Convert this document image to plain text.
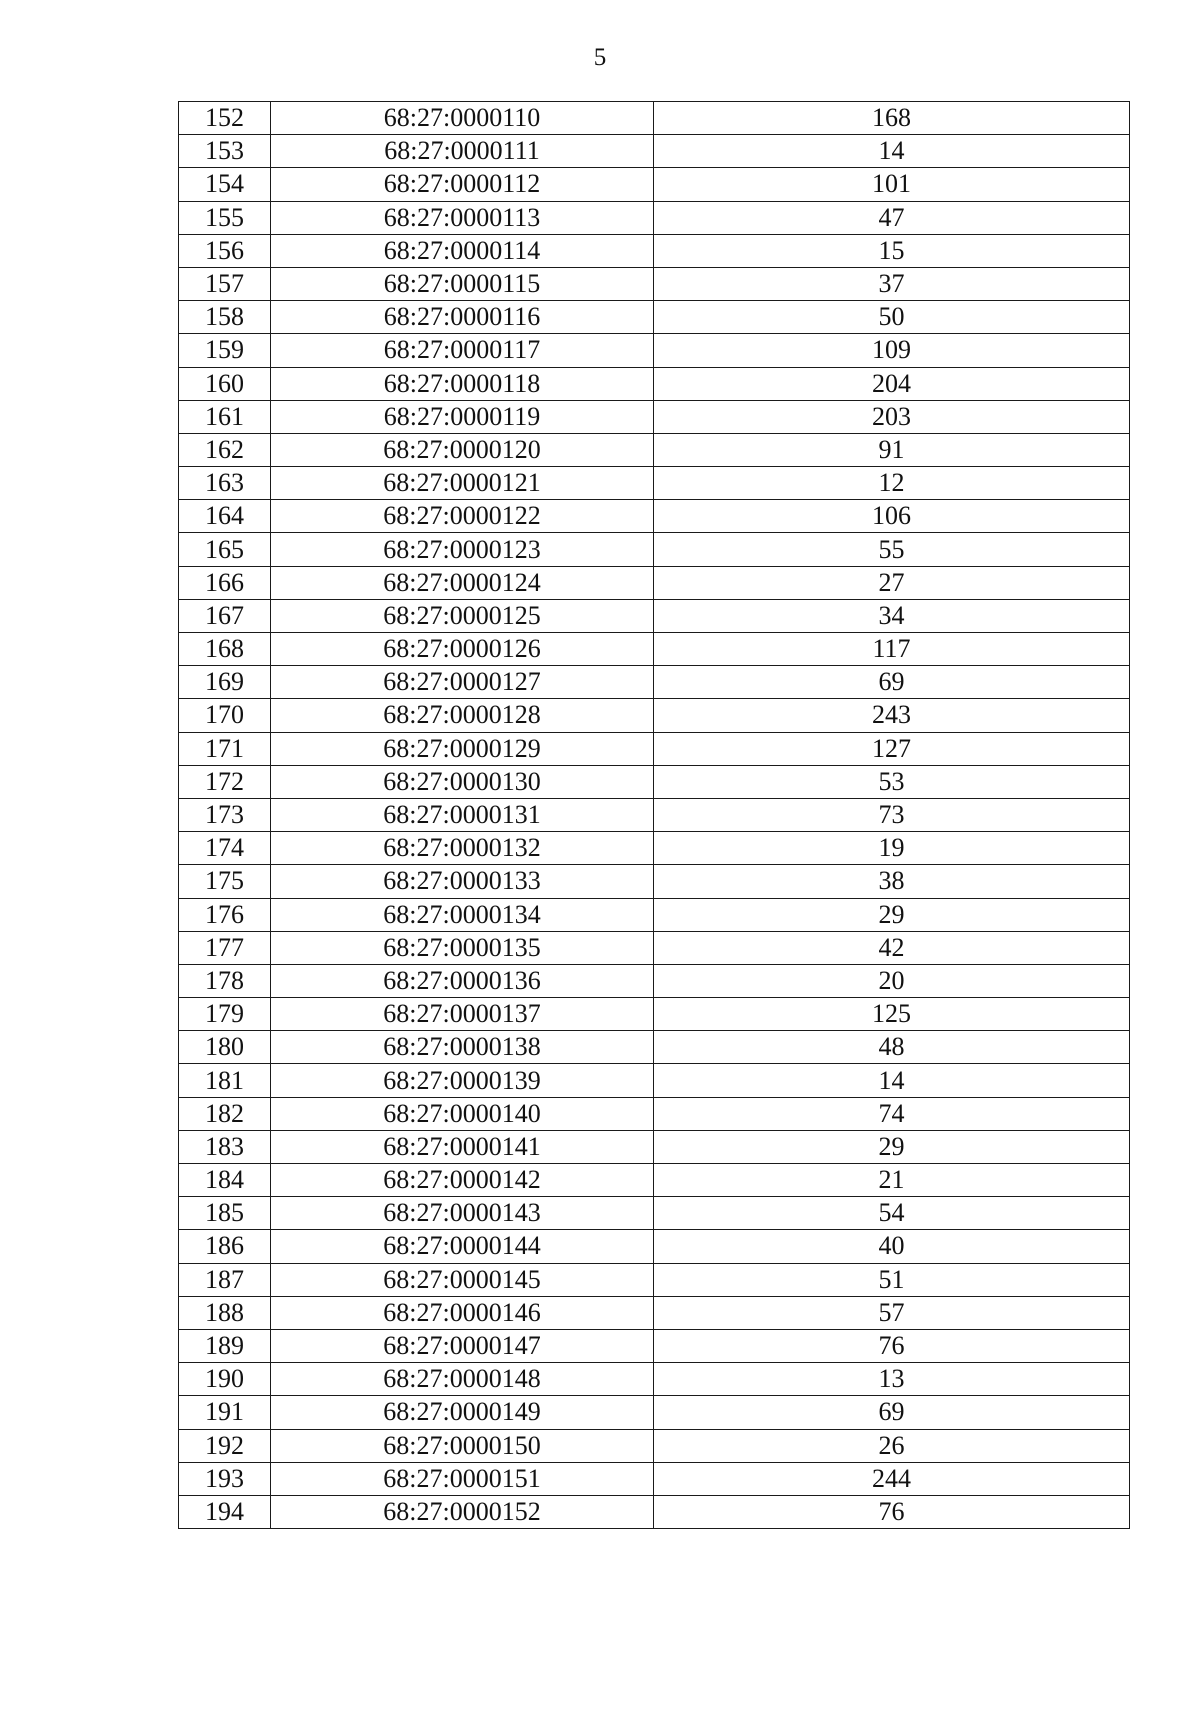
5
152	68:27:0000110	168
153	68:27:0000111	14
154	68:27:0000112	101
155	68:27:0000113	47
156	68:27:0000114	15
157	68:27:0000115	37
158	68:27:0000116	50
159	68:27:0000117	109
160	68:27:0000118	204
161	68:27:0000119	203
162	68:27:0000120	91
163	68:27:0000121	12
164	68:27:0000122	106
165	68:27:0000123	55
166	68:27:0000124	27
167	68:27:0000125	34
168	68:27:0000126	117
169	68:27:0000127	69
170	68:27:0000128	243
171	68:27:0000129	127
172	68:27:0000130	53
173	68:27:0000131	73
174	68:27:0000132	19
175	68:27:0000133	38
176	68:27:0000134	29
177	68:27:0000135	42
178	68:27:0000136	20
179	68:27:0000137	125
180	68:27:0000138	48
181	68:27:0000139	14
182	68:27:0000140	74
183	68:27:0000141	29
184	68:27:0000142	21
185	68:27:0000143	54
186	68:27:0000144	40
187	68:27:0000145	51
188	68:27:0000146	57
189	68:27:0000147	76
190	68:27:0000148	13
191	68:27:0000149	69
192	68:27:0000150	26
193	68:27:0000151	244
194	68:27:0000152	76
